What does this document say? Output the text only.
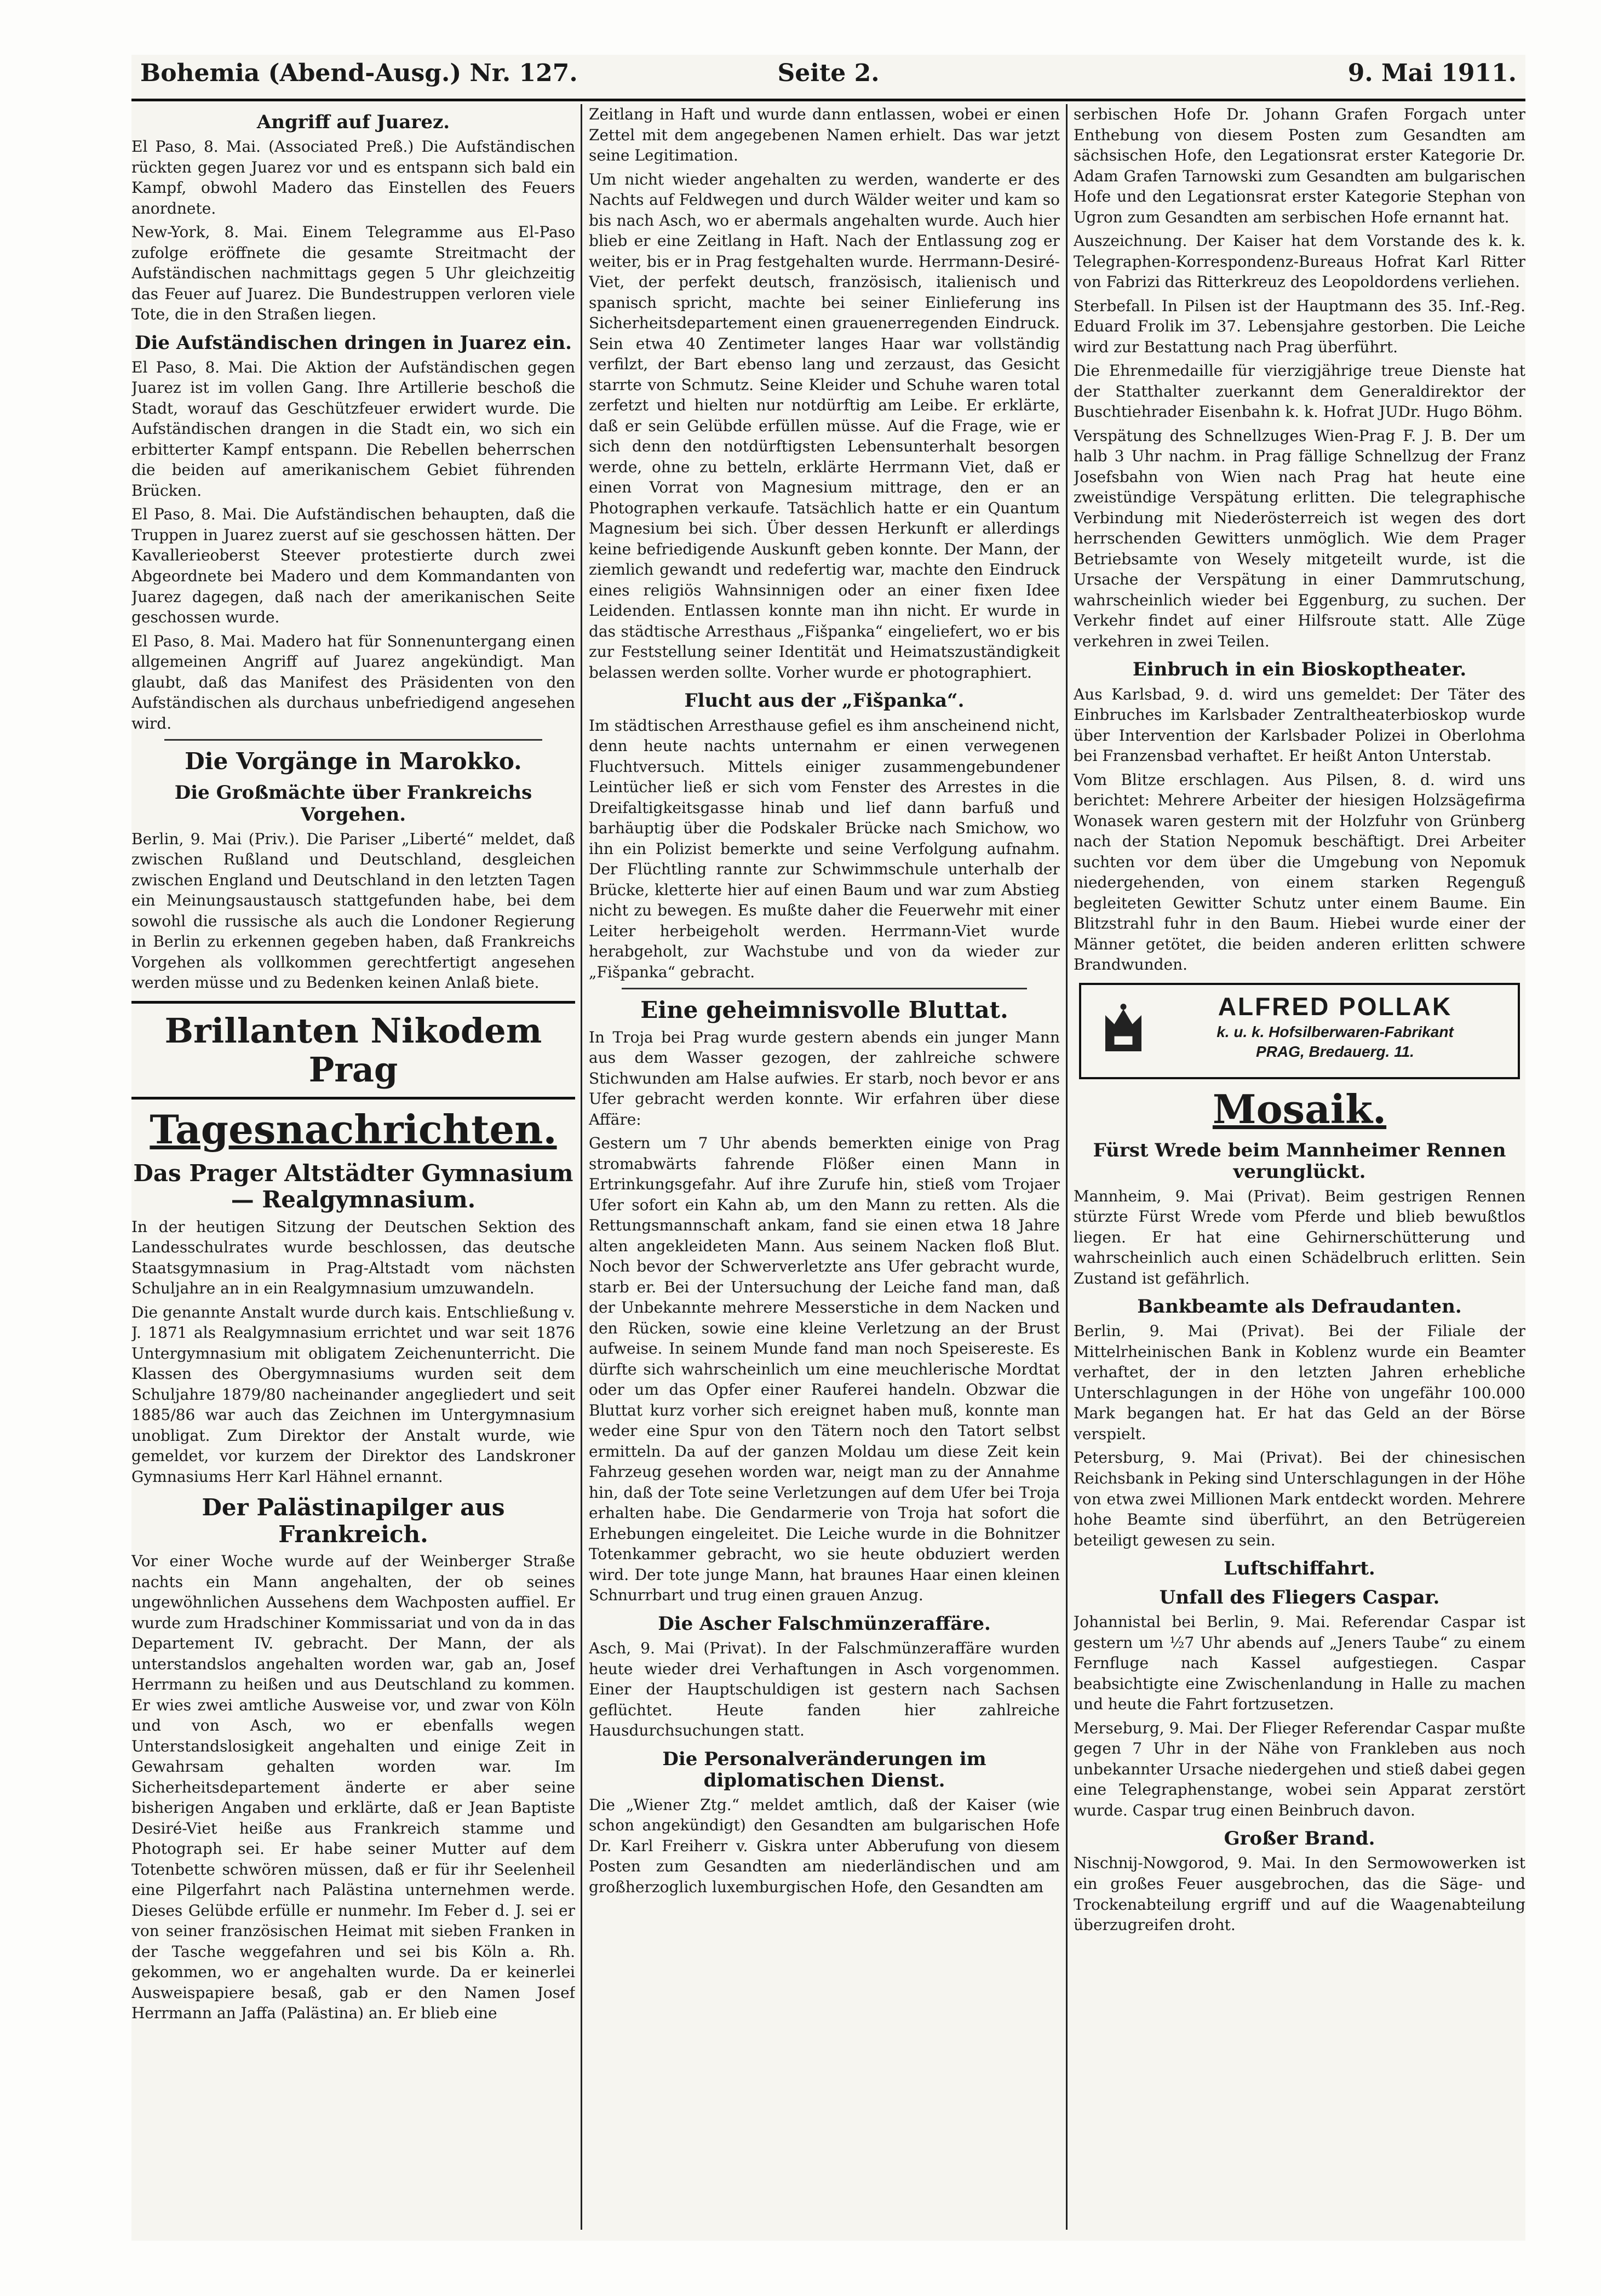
Bohemia (Abend-Ausg.) Nr. 127.	Seite 2.	9. Mai 1911.
Angriff auf Juarez.

El Paso, 8. Mai. (Associated Preß.) Die Aufständischen rückten gegen Juarez vor und es entspann sich bald ein Kampf, obwohl Madero das Einstellen des Feuers anordnete.

New-York, 8. Mai. Einem Telegramme aus El-Paso zufolge eröffnete die gesamte Streitmacht der Aufständischen nachmittags gegen 5 Uhr gleichzeitig das Feuer auf Juarez. Die Bundestruppen verloren viele Tote, die in den Straßen liegen.

Die Aufständischen dringen in Juarez ein.

El Paso, 8. Mai. Die Aktion der Aufständischen gegen Juarez ist im vollen Gang. Ihre Artillerie beschoß die Stadt, worauf das Geschützfeuer erwidert wurde. Die Aufständischen drangen in die Stadt ein, wo sich ein erbitterter Kampf entspann. Die Rebellen beherrschen die beiden auf amerikanischem Gebiet führenden Brücken.

El Paso, 8. Mai. Die Aufständischen behaupten, daß die Truppen in Juarez zuerst auf sie geschossen hätten. Der Kavallerieoberst Steever protestierte durch zwei Abgeordnete bei Madero und dem Kommandanten von Juarez dagegen, daß nach der amerikanischen Seite geschossen wurde.

El Paso, 8. Mai. Madero hat für Sonnenuntergang einen allgemeinen Angriff auf Juarez angekündigt. Man glaubt, daß das Manifest des Präsidenten von den Aufständischen als durchaus unbefriedigend angesehen wird.

Die Vorgänge in Marokko.
Die Großmächte über Frankreichs Vorgehen.

Berlin, 9. Mai (Priv.). Die Pariser „Liberté“ meldet, daß zwischen Rußland und Deutschland, desgleichen zwischen England und Deutschland in den letzten Tagen ein Meinungsaustausch stattgefunden habe, bei dem sowohl die russische als auch die Londoner Regierung in Berlin zu erkennen gegeben haben, daß Frankreichs Vorgehen als vollkommen gerechtfertigt angesehen werden müsse und zu Bedenken keinen Anlaß biete.

Brillanten Nikodem Prag
Tagesnachrichten.
Das Prager Altstädter Gymnasium — Realgymnasium.

In der heutigen Sitzung der Deutschen Sektion des Landesschulrates wurde beschlossen, das deutsche Staatsgymnasium in Prag-Altstadt vom nächsten Schuljahre an in ein Realgymnasium umzuwandeln.

Die genannte Anstalt wurde durch kais. Entschließung v. J. 1871 als Realgymnasium errichtet und war seit 1876 Untergymnasium mit obligatem Zeichenunterricht. Die Klassen des Obergymnasiums wurden seit dem Schuljahre 1879/80 nacheinander angegliedert und seit 1885/86 war auch das Zeichnen im Untergymnasium unobligat. Zum Direktor der Anstalt wurde, wie gemeldet, vor kurzem der Direktor des Landskroner Gymnasiums Herr Karl Hähnel ernannt.

Der Palästinapilger aus Frankreich.

Vor einer Woche wurde auf der Weinberger Straße nachts ein Mann angehalten, der ob seines ungewöhnlichen Aussehens dem Wachposten auffiel. Er wurde zum Hradschiner Kommissariat und von da in das Departement IV. gebracht. Der Mann, der als unterstandslos angehalten worden war, gab an, Josef Herrmann zu heißen und aus Deutschland zu kommen. Er wies zwei amtliche Ausweise vor, und zwar von Köln und von Asch, wo er ebenfalls wegen Unterstandslosigkeit angehalten und einige Zeit in Gewahrsam gehalten worden war. Im Sicherheitsdepartement änderte er aber seine bisherigen Angaben und erklärte, daß er Jean Baptiste Desiré-Viet heiße aus Frankreich stamme und Photograph sei. Er habe seiner Mutter auf dem Totenbette schwören müssen, daß er für ihr Seelenheil eine Pilgerfahrt nach Palästina unternehmen werde. Dieses Gelübde erfülle er nunmehr. Im Feber d. J. sei er von seiner französischen Heimat mit sieben Franken in der Tasche weggefahren und sei bis Köln a. Rh. gekommen, wo er angehalten wurde. Da er keinerlei Ausweispapiere besaß, gab er den Namen Josef Herrmann an Jaffa (Palästina) an. Er blieb eine

Zeitlang in Haft und wurde dann entlassen, wobei er einen Zettel mit dem angegebenen Namen erhielt. Das war jetzt seine Legitimation.

Um nicht wieder angehalten zu werden, wanderte er des Nachts auf Feldwegen und durch Wälder weiter und kam so bis nach Asch, wo er abermals angehalten wurde. Auch hier blieb er eine Zeitlang in Haft. Nach der Entlassung zog er weiter, bis er in Prag festgehalten wurde. Herrmann-Desiré-Viet, der perfekt deutsch, französisch, italienisch und spanisch spricht, machte bei seiner Einlieferung ins Sicherheitsdepartement einen grauenerregenden Eindruck. Sein etwa 40 Zentimeter langes Haar war vollständig verfilzt, der Bart ebenso lang und zerzaust, das Gesicht starrte von Schmutz. Seine Kleider und Schuhe waren total zerfetzt und hielten nur notdürftig am Leibe. Er erklärte, daß er sein Gelübde erfüllen müsse. Auf die Frage, wie er sich denn den notdürftigsten Lebensunterhalt besorgen werde, ohne zu betteln, erklärte Herrmann Viet, daß er einen Vorrat von Magnesium mittrage, den er an Photographen verkaufe. Tatsächlich hatte er ein Quantum Magnesium bei sich. Über dessen Herkunft er allerdings keine befriedigende Auskunft geben konnte. Der Mann, der ziemlich gewandt und redefertig war, machte den Eindruck eines religiös Wahnsinnigen oder an einer fixen Idee Leidenden. Entlassen konnte man ihn nicht. Er wurde in das städtische Arresthaus „Fišpanka“ eingeliefert, wo er bis zur Feststellung seiner Identität und Heimatszuständigkeit belassen werden sollte. Vorher wurde er photographiert.

Flucht aus der „Fišpanka“.

Im städtischen Arresthause gefiel es ihm anscheinend nicht, denn heute nachts unternahm er einen verwegenen Fluchtversuch. Mittels einiger zusammengebundener Leintücher ließ er sich vom Fenster des Arrestes in die Dreifaltigkeitsgasse hinab und lief dann barfuß und barhäuptig über die Podskaler Brücke nach Smichow, wo ihn ein Polizist bemerkte und seine Verfolgung aufnahm. Der Flüchtling rannte zur Schwimmschule unterhalb der Brücke, kletterte hier auf einen Baum und war zum Abstieg nicht zu bewegen. Es mußte daher die Feuerwehr mit einer Leiter herbeigeholt werden. Herrmann-Viet wurde herabgeholt, zur Wachstube und von da wieder zur „Fišpanka“ gebracht.

Eine geheimnisvolle Bluttat.

In Troja bei Prag wurde gestern abends ein junger Mann aus dem Wasser gezogen, der zahlreiche schwere Stichwunden am Halse aufwies. Er starb, noch bevor er ans Ufer gebracht werden konnte. Wir erfahren über diese Affäre:

Gestern um 7 Uhr abends bemerkten einige von Prag stromabwärts fahrende Flößer einen Mann in Ertrinkungsgefahr. Auf ihre Zurufe hin, stieß vom Trojaer Ufer sofort ein Kahn ab, um den Mann zu retten. Als die Rettungsmannschaft ankam, fand sie einen etwa 18 Jahre alten angekleideten Mann. Aus seinem Nacken floß Blut. Noch bevor der Schwerverletzte ans Ufer gebracht wurde, starb er. Bei der Untersuchung der Leiche fand man, daß der Unbekannte mehrere Messerstiche in dem Nacken und den Rücken, sowie eine kleine Verletzung an der Brust aufweise. In seinem Munde fand man noch Speisereste. Es dürfte sich wahrscheinlich um eine meuchlerische Mordtat oder um das Opfer einer Rauferei handeln. Obzwar die Bluttat kurz vorher sich ereignet haben muß, konnte man weder eine Spur von den Tätern noch den Tatort selbst ermitteln. Da auf der ganzen Moldau um diese Zeit kein Fahrzeug gesehen worden war, neigt man zu der Annahme hin, daß der Tote seine Verletzungen auf dem Ufer bei Troja erhalten habe. Die Gendarmerie von Troja hat sofort die Erhebungen eingeleitet. Die Leiche wurde in die Bohnitzer Totenkammer gebracht, wo sie heute obduziert werden wird. Der tote junge Mann, hat braunes Haar einen kleinen Schnurrbart und trug einen grauen Anzug.

Die Ascher Falschmünzeraffäre.

Asch, 9. Mai (Privat). In der Falschmünzeraffäre wurden heute wieder drei Verhaftungen in Asch vorgenommen. Einer der Hauptschuldigen ist gestern nach Sachsen geflüchtet. Heute fanden hier zahlreiche Hausdurchsuchungen statt.

Die Personalveränderungen im diplomatischen Dienst.

Die „Wiener Ztg.“ meldet amtlich, daß der Kaiser (wie schon angekündigt) den Gesandten am bulgarischen Hofe Dr. Karl Freiherr v. Giskra unter Abberufung von diesem Posten zum Gesandten am niederländischen und am großherzoglich luxemburgischen Hofe, den Gesandten am

serbischen Hofe Dr. Johann Grafen Forgach unter Enthebung von diesem Posten zum Gesandten am sächsischen Hofe, den Legationsrat erster Kategorie Dr. Adam Grafen Tarnowski zum Gesandten am bulgarischen Hofe und den Legationsrat erster Kategorie Stephan von Ugron zum Gesandten am serbischen Hofe ernannt hat.

Auszeichnung. Der Kaiser hat dem Vorstande des k. k. Telegraphen-Korrespondenz-Bureaus Hofrat Karl Ritter von Fabrizi das Ritterkreuz des Leopoldordens verliehen.

Sterbefall. In Pilsen ist der Hauptmann des 35. Inf.-Reg. Eduard Frolik im 37. Lebensjahre gestorben. Die Leiche wird zur Bestattung nach Prag überführt.

Die Ehrenmedaille für vierzigjährige treue Dienste hat der Statthalter zuerkannt dem Generaldirektor der Buschtiehrader Eisenbahn k. k. Hofrat JUDr. Hugo Böhm.

Verspätung des Schnellzuges Wien-Prag F. J. B. Der um halb 3 Uhr nachm. in Prag fällige Schnellzug der Franz Josefsbahn von Wien nach Prag hat heute eine zweistündige Verspätung erlitten. Die telegraphische Verbindung mit Niederösterreich ist wegen des dort herrschenden Gewitters unmöglich. Wie dem Prager Betriebsamte von Wesely mitgeteilt wurde, ist die Ursache der Verspätung in einer Dammrutschung, wahrscheinlich wieder bei Eggenburg, zu suchen. Der Verkehr findet auf einer Hilfsroute statt. Alle Züge verkehren in zwei Teilen.

Einbruch in ein Bioskoptheater.

Aus Karlsbad, 9. d. wird uns gemeldet: Der Täter des Einbruches im Karlsbader Zentraltheaterbioskop wurde über Intervention der Karlsbader Polizei in Oberlohma bei Franzensbad verhaftet. Er heißt Anton Unterstab.

Vom Blitze erschlagen. Aus Pilsen, 8. d. wird uns berichtet: Mehrere Arbeiter der hiesigen Holzsägefirma Wonasek waren gestern mit der Holzfuhr von Grünberg nach der Station Nepomuk beschäftigt. Drei Arbeiter suchten vor dem über die Umgebung von Nepomuk niedergehenden, von einem starken Regenguß begleiteten Gewitter Schutz unter einem Baume. Ein Blitzstrahl fuhr in den Baum. Hiebei wurde einer der Männer getötet, die beiden anderen erlitten schwere Brandwunden.

ALFRED POLLAK
k. u. k. Hofsilberwaren-Fabrikant
PRAG, Bredauerg. 11.
Mosaik.
Fürst Wrede beim Mannheimer Rennen verunglückt.

Mannheim, 9. Mai (Privat). Beim gestrigen Rennen stürzte Fürst Wrede vom Pferde und blieb bewußtlos liegen. Er hat eine Gehirnerschütterung und wahrscheinlich auch einen Schädelbruch erlitten. Sein Zustand ist gefährlich.

Bankbeamte als Defraudanten.

Berlin, 9. Mai (Privat). Bei der Filiale der Mittelrheinischen Bank in Koblenz wurde ein Beamter verhaftet, der in den letzten Jahren erhebliche Unterschlagungen in der Höhe von ungefähr 100.000 Mark begangen hat. Er hat das Geld an der Börse verspielt.

Petersburg, 9. Mai (Privat). Bei der chinesischen Reichsbank in Peking sind Unterschlagungen in der Höhe von etwa zwei Millionen Mark entdeckt worden. Mehrere hohe Beamte sind überführt, an den Betrügereien beteiligt gewesen zu sein.

Luftschiffahrt.
Unfall des Fliegers Caspar.

Johannistal bei Berlin, 9. Mai. Referendar Caspar ist gestern um ½7 Uhr abends auf „Jeners Taube“ zu einem Fernfluge nach Kassel aufgestiegen. Caspar beabsichtigte eine Zwischenlandung in Halle zu machen und heute die Fahrt fortzusetzen.

Merseburg, 9. Mai. Der Flieger Referendar Caspar mußte gegen 7 Uhr in der Nähe von Frankleben aus noch unbekannter Ursache niedergehen und stieß dabei gegen eine Telegraphenstange, wobei sein Apparat zerstört wurde. Caspar trug einen Beinbruch davon.

Großer Brand.

Nischnij-Nowgorod, 9. Mai. In den Sermowowerken ist ein großes Feuer ausgebrochen, das die Säge- und Trockenabteilung ergriff und auf die Waagenabteilung überzugreifen droht.
